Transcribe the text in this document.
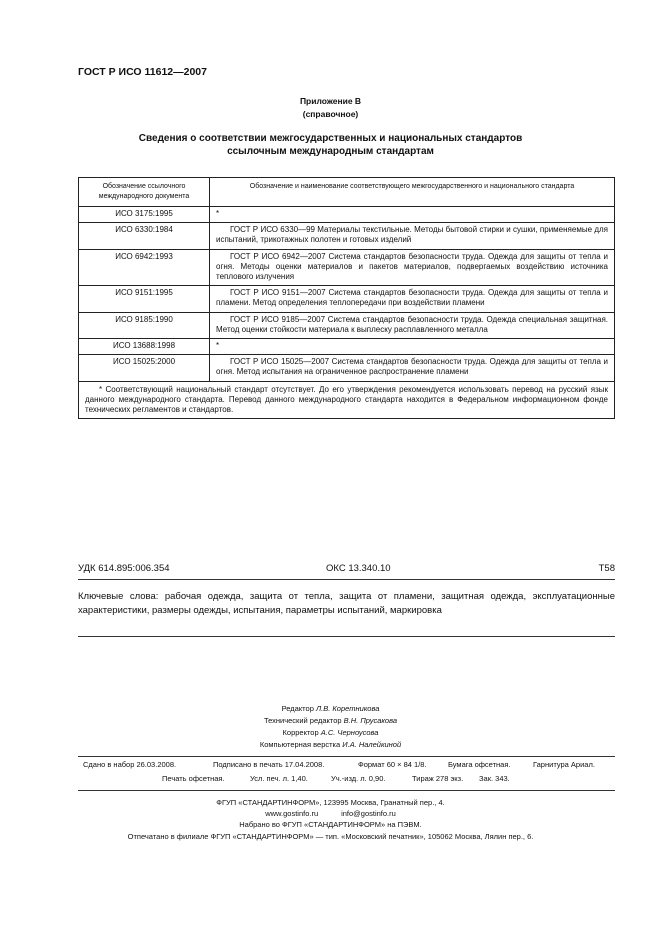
ГОСТ Р ИСО 11612—2007
Приложение В
(справочное)
Сведения о соответствии межгосударственных и национальных стандартов
ссылочным международным стандартам
Обозначение ссылочного международного документа	Обозначение и наименование соответствующего межгосударственного и национального стандарта
ИСО 3175:1995	*
ИСО 6330:1984	ГОСТ Р ИСО 6330—99 Материалы текстильные. Методы бытовой стирки и сушки, применяемые для испытаний, трикотажных полотен и готовых изделий
ИСО 6942:1993	ГОСТ Р ИСО 6942—2007 Система стандартов безопасности труда. Одежда для защиты от тепла и огня. Методы оценки материалов и пакетов материалов, подвергаемых воздействию источника теплового излучения
ИСО 9151:1995	ГОСТ Р ИСО 9151—2007 Система стандартов безопасности труда. Одежда для защиты от тепла и пламени. Метод определения теплопередачи при воздействии пламени
ИСО 9185:1990	ГОСТ Р ИСО 9185—2007 Система стандартов безопасности труда. Одежда специальная защитная. Метод оценки стойкости материала к выплеску расплавленного металла
ИСО 13688:1998	*
ИСО 15025:2000	ГОСТ Р ИСО 15025—2007 Система стандартов безопасности труда. Одежда для защиты от тепла и огня. Метод испытания на ограниченное распространение пламени
* Соответствующий национальный стандарт отсутствует. До его утверждения рекомендуется использовать перевод на русский язык данного международного стандарта. Перевод данного международного стандарта находится в Федеральном информационном фонде технических регламентов и стандартов.	
УДК 614.895:006.354	ОКС 13.340.10	Т58
Ключевые слова: рабочая одежда, защита от тепла, защита от пламени, защитная одежда, эксплуатационные характеристики, размеры одежды, испытания, параметры испытаний, маркировка
Редактор Л.В. Коретникова
Технический редактор В.Н. Прусакова
Корректор А.С. Черноусова
Компьютерная верстка И.А. Налейкиной
Сдано в набор 26.03.2008.	Подписано в печать 17.04.2008.	Формат 60 × 84 1/8.	Бумага офсетная.	Гарнитура Ариал.
Печать офсетная.	Усл. печ. л. 1,40.	Уч.-изд. л. 0,90.	Тираж 278 экз. Зак. 343.
ФГУП «СТАНДАРТИНФОРМ», 123995 Москва, Гранатный пер., 4.
www.gostinfo.ru	info@gostinfo.ru
Набрано во ФГУП «СТАНДАРТИНФОРМ» на ПЭВМ.
Отпечатано в филиале ФГУП «СТАНДАРТИНФОРМ» — тип. «Московский печатник», 105062 Москва, Лялин пер., 6.
